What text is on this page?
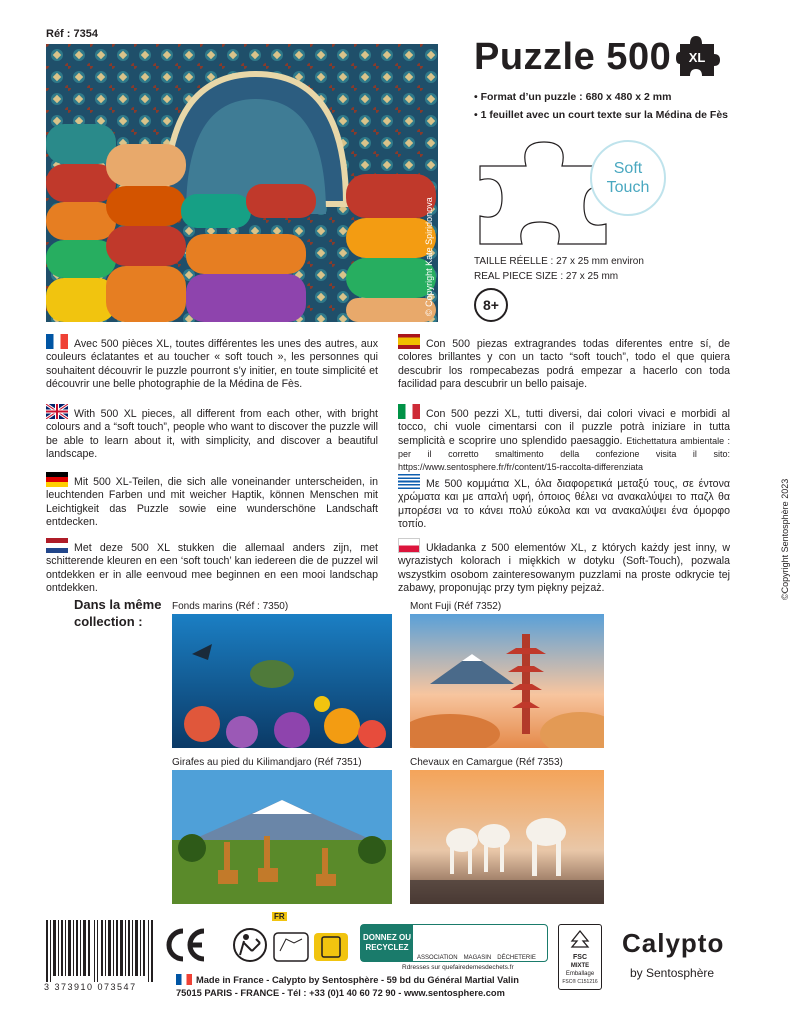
Réf : 7354
© Copyright Kate Spiridonova
Puzzle 500 XL
• Format d’un puzzle : 680 x 480 x 2 mm
• 1 feuillet avec un court texte sur la Médina de Fès
Soft
Touch
TAILLE RÉELLE : 27 x 25 mm environ
REAL PIECE SIZE : 27 x 25 mm
8+
©Copyright Sentosphère 2023
Avec 500 pièces XL, toutes différentes les unes des autres, aux couleurs éclatantes et au toucher « soft touch », les personnes qui souhaitent découvrir le puzzle pourront s’y initier, en toute simplicité et découvrir une belle photographie de la Médina de Fès.
With 500 XL pieces, all different from each other, with bright colours and a “soft touch”, people who want to discover the puzzle will be able to learn about it, with simplicity, and discover a beautiful landscape.
Mit 500 XL-Teilen, die sich alle voneinander unterscheiden, in leuchtenden Farben und mit weicher Haptik, können Menschen mit Leichtigkeit das Puzzle sowie eine wunderschöne Landschaft entdecken.
Met deze 500 XL stukken die allemaal anders zijn, met schitterende kleuren en een ‘soft touch’ kan iedereen die de puzzel wil ontdekken er in alle eenvoud mee beginnen en een mooi landschap ontdekken.
Con 500 piezas extragrandes todas diferentes entre sí, de colores brillantes y con un tacto “soft touch”, todo el que quiera descubrir los rompecabezas podrá empezar a hacerlo con toda facilidad para descubrir un bello paisaje.
Con 500 pezzi XL, tutti diversi, dai colori vivaci e morbidi al tocco, chi vuole cimentarsi con il puzzle potrà iniziare in tutta semplicità e scoprire uno splendido paesaggio. Etichettatura ambientale : per il corretto smaltimento della confezione visita il sito: https://www.sentosphere.fr/fr/content/15-raccolta-differenziata
Με 500 κομμάτια XL, όλα διαφορετικά μεταξύ τους, σε έντονα χρώματα και με απαλή υφή, όποιος θέλει να ανακαλύψει το παζλ θα μπορέσει να το κάνει πολύ εύκολα και να ανακαλύψει ένα όμορφο τοπίο.
Układanka z 500 elementów XL, z których każdy jest inny, w wyrazistych kolorach i miękkich w dotyku (Soft-Touch), pozwala wszystkim osobom zainteresowanym puzzlami na proste odkrycie tej zabawy, proponując przy tym piękny pejzaż.
Dans la même
collection :
Fonds marins (Réf : 7350)	Mont Fuji (Réf 7352)
Girafes au pied du Kilimandjaro (Réf 7351)	Chevaux en Camargue (Réf 7353)
3 373910 073547
FR
DONNEZ OU RECYCLEZ
ASSOCIATION MAGASIN DÉCHETERIE
Rdresses sur quefairedemesdechets.fr
FSC
MIXTE
Emballage
FSC® C151216
Calypto
by Sentosphère
Made in France - Calypto by Sentosphère - 59 bd du Général Martial Valin
75015 PARIS - FRANCE - Tél : +33 (0)1 40 60 72 90 - www.sentosphere.com
